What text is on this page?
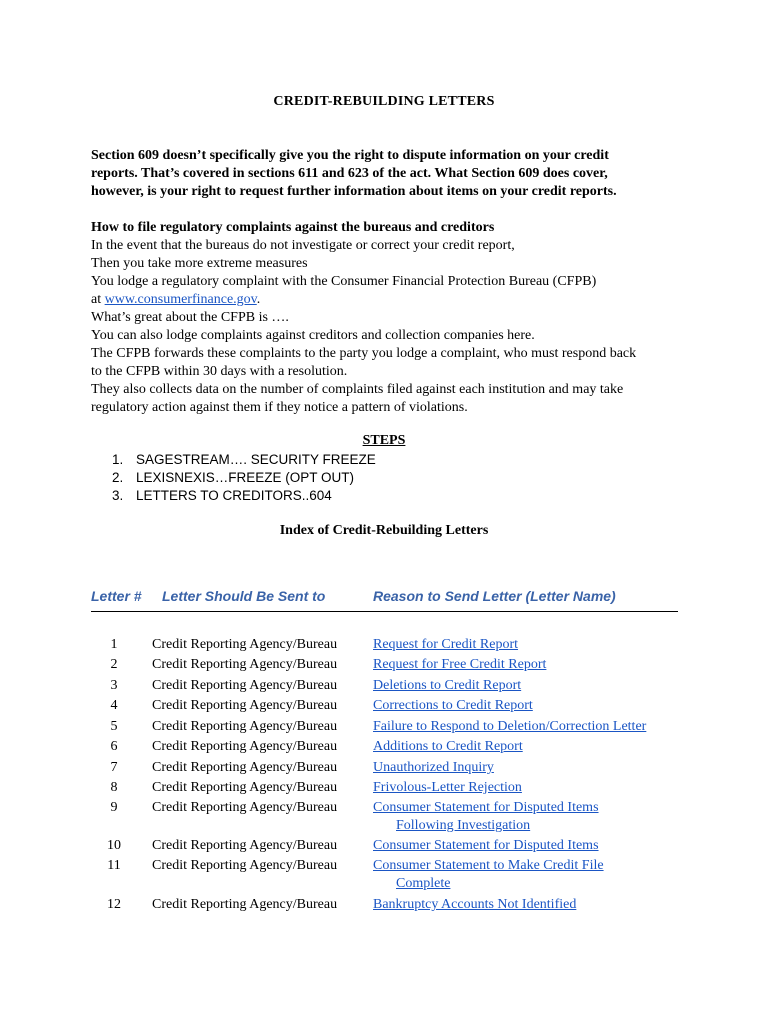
CREDIT-REBUILDING LETTERS
Section 609 doesn’t specifically give you the right to dispute information on your credit
reports. That’s covered in sections 611 and 623 of the act. What Section 609 does cover,
however, is your right to request further information about items on your credit reports.
How to file regulatory complaints against the bureaus and creditors
In the event that the bureaus do not investigate or correct your credit report,
Then you take more extreme measures
You lodge a regulatory complaint with the Consumer Financial Protection Bureau (CFPB)
at www.consumerfinance.gov.
What’s great about the CFPB is ….
You can also lodge complaints against creditors and collection companies here.
The CFPB forwards these complaints to the party you lodge a complaint, who must respond back
to the CFPB within 30 days with a resolution.
They also collects data on the number of complaints filed against each institution and may take
regulatory action against them if they notice a pattern of violations.
STEPS
1. SAGESTREAM…. SECURITY FREEZE
2. LEXISNEXIS…FREEZE (OPT OUT)
3. LETTERS TO CREDITORS..604
Index of Credit-Rebuilding Letters
Letter # Letter Should Be Sent to	Reason to Send Letter (Letter Name)
1	Credit Reporting Agency/Bureau	Request for Credit Report
2	Credit Reporting Agency/Bureau	Request for Free Credit Report
3	Credit Reporting Agency/Bureau	Deletions to Credit Report
4	Credit Reporting Agency/Bureau	Corrections to Credit Report
5	Credit Reporting Agency/Bureau	Failure to Respond to Deletion/Correction Letter
6	Credit Reporting Agency/Bureau	Additions to Credit Report
7	Credit Reporting Agency/Bureau	Unauthorized Inquiry
8	Credit Reporting Agency/Bureau	Frivolous-Letter Rejection
9	Credit Reporting Agency/Bureau	Consumer Statement for Disputed Items
Following Investigation
10	Credit Reporting Agency/Bureau	Consumer Statement for Disputed Items
11	Credit Reporting Agency/Bureau	Consumer Statement to Make Credit File
Complete
12	Credit Reporting Agency/Bureau	Bankruptcy Accounts Not Identified
